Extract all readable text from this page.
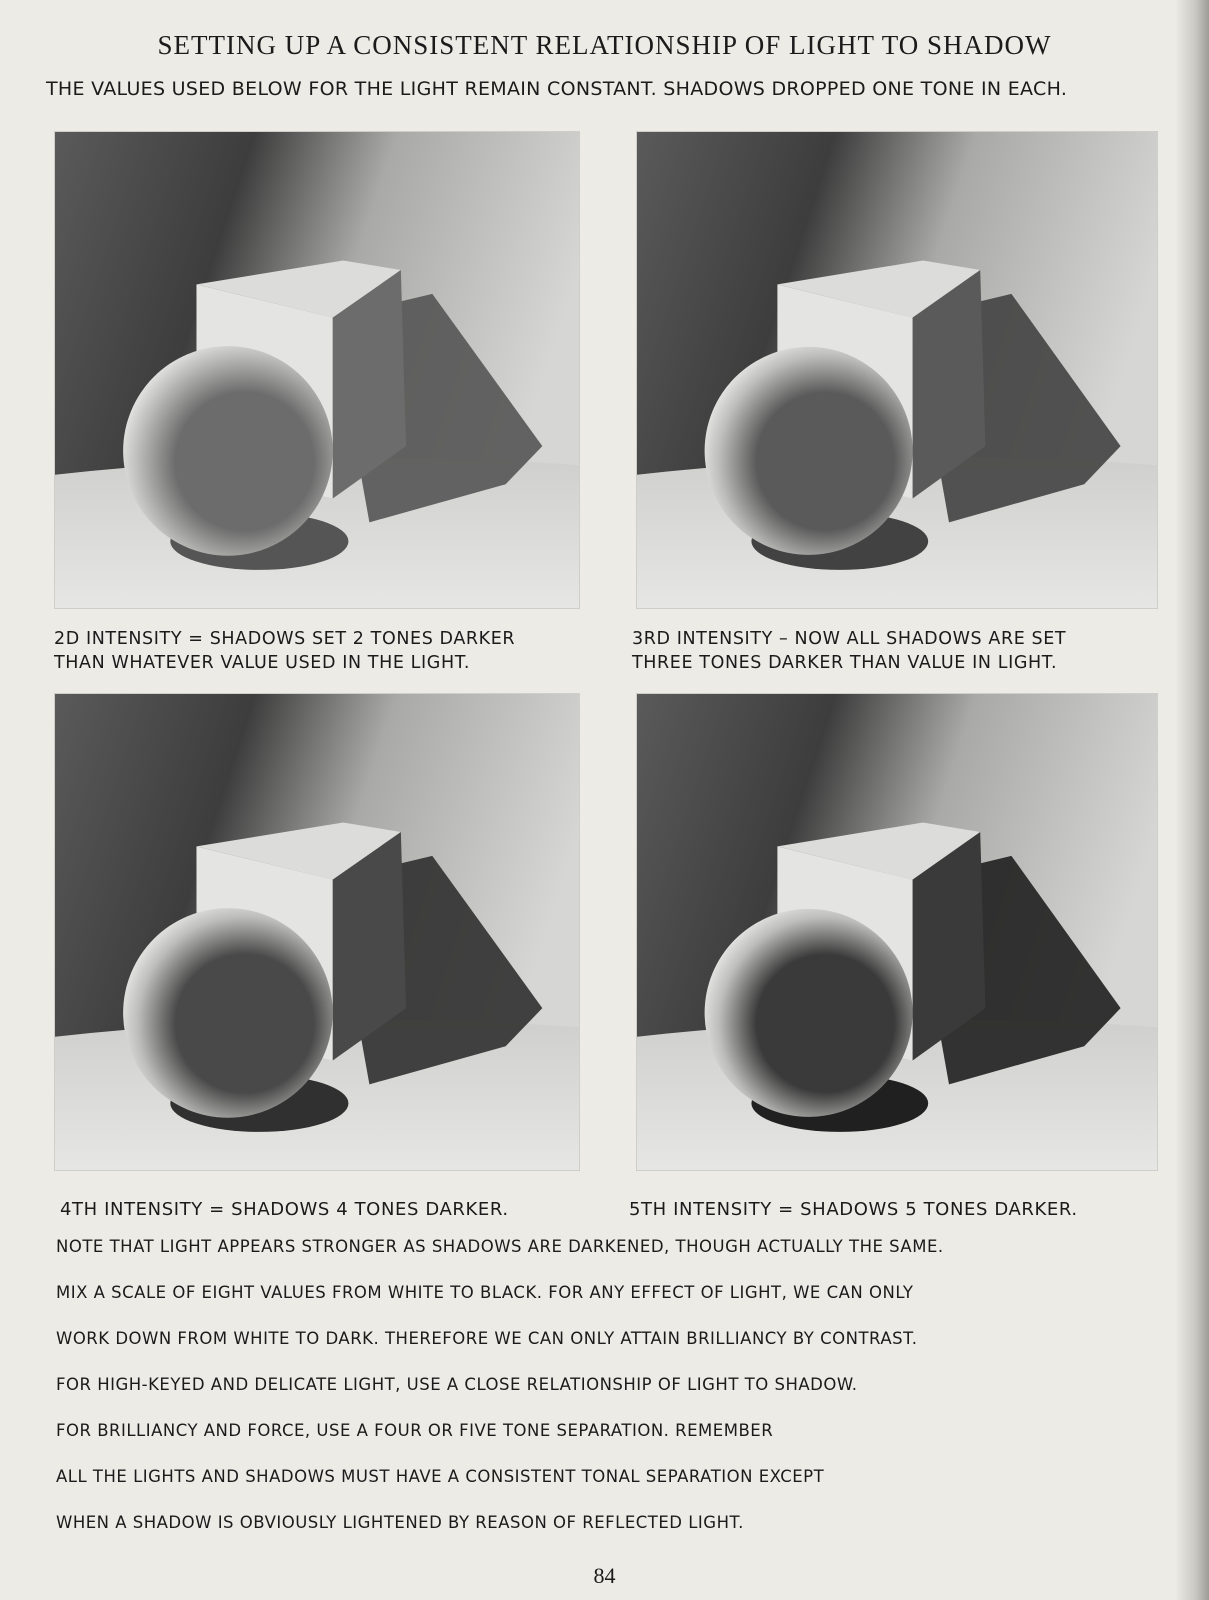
SETTING UP A CONSISTENT RELATIONSHIP OF LIGHT TO SHADOW
THE VALUES USED BELOW FOR THE LIGHT REMAIN CONSTANT. SHADOWS DROPPED ONE TONE IN EACH.
2D INTENSITY = SHADOWS SET 2 TONES DARKER
THAN WHATEVER VALUE USED IN THE LIGHT.
3RD INTENSITY – NOW ALL SHADOWS ARE SET
THREE TONES DARKER THAN VALUE IN LIGHT.
4TH INTENSITY = SHADOWS 4 TONES DARKER.	5TH INTENSITY = SHADOWS 5 TONES DARKER.
NOTE THAT LIGHT APPEARS STRONGER AS SHADOWS ARE DARKENED, THOUGH ACTUALLY THE SAME.
MIX A SCALE OF EIGHT VALUES FROM WHITE TO BLACK. FOR ANY EFFECT OF LIGHT, WE CAN ONLY
WORK DOWN FROM WHITE TO DARK. THEREFORE WE CAN ONLY ATTAIN BRILLIANCY BY CONTRAST.
FOR HIGH-KEYED AND DELICATE LIGHT, USE A CLOSE RELATIONSHIP OF LIGHT TO SHADOW.
FOR BRILLIANCY AND FORCE, USE A FOUR OR FIVE TONE SEPARATION. REMEMBER
ALL THE LIGHTS AND SHADOWS MUST HAVE A CONSISTENT TONAL SEPARATION EXCEPT
WHEN A SHADOW IS OBVIOUSLY LIGHTENED BY REASON OF REFLECTED LIGHT.
84
